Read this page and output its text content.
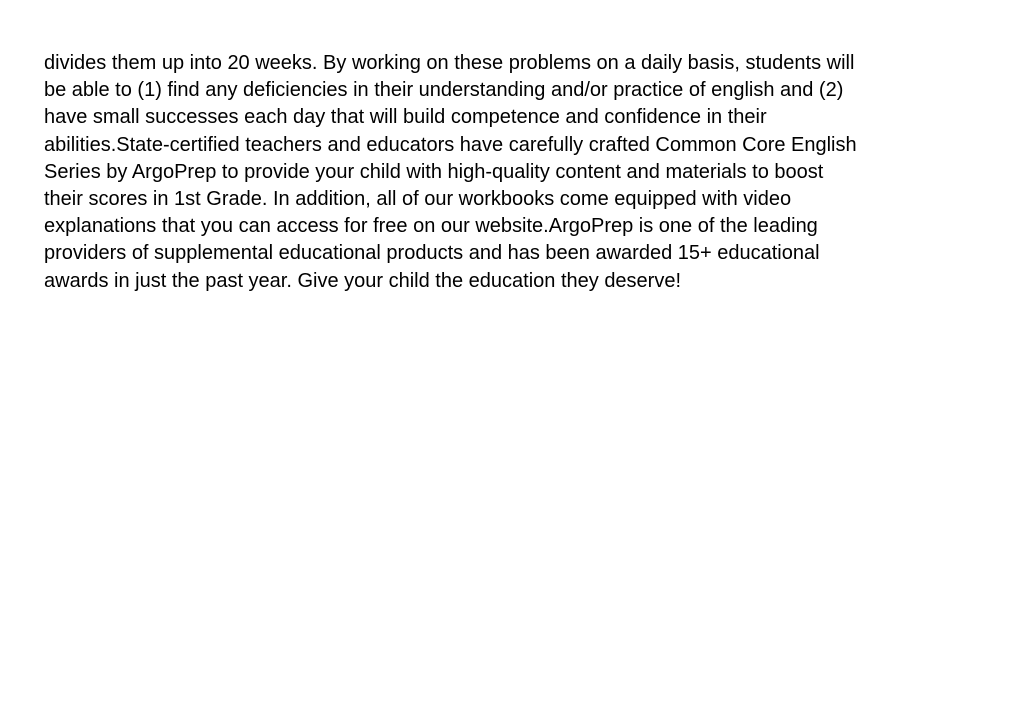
divides them up into 20 weeks. By working on these problems on a daily basis, students will
be able to (1) find any deficiencies in their understanding and/or practice of english and (2)
have small successes each day that will build competence and confidence in their
abilities.State-certified teachers and educators have carefully crafted Common Core English
Series by ArgoPrep to provide your child with high-quality content and materials to boost
their scores in 1st Grade. In addition, all of our workbooks come equipped with video
explanations that you can access for free on our website.ArgoPrep is one of the leading
providers of supplemental educational products and has been awarded 15+ educational
awards in just the past year. Give your child the education they deserve!
